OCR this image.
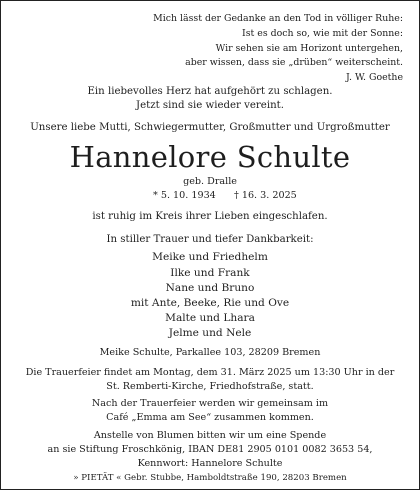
Mich lässt der Gedanke an den Tod in völliger Ruhe:
Ist es doch so, wie mit der Sonne:
Wir sehen sie am Horizont untergehen,
aber wissen, dass sie „drüben“ weiterscheint.
J. W. Goethe
Ein liebevolles Herz hat aufgehört zu schlagen.
Jetzt sind sie wieder vereint.
Unsere liebe Mutti, Schwiegermutter, Großmutter und Urgroßmutter
Hannelore Schulte
geb. Dralle
* 5. 10. 1934 † 16. 3. 2025
ist ruhig im Kreis ihrer Lieben eingeschlafen.
In stiller Trauer und tiefer Dankbarkeit:
Meike und Friedhelm
Ilke und Frank
Nane und Bruno
mit Ante, Beeke, Rie und Ove
Malte und Lhara
Jelme und Nele
Meike Schulte, Parkallee 103, 28209 Bremen
Die Trauerfeier findet am Montag, dem 31. März 2025 um 13:30 Uhr in der
St. Remberti-Kirche, Friedhofstraße, statt.
Nach der Trauerfeier werden wir gemeinsam im
Café „Emma am See“ zusammen kommen.
Anstelle von Blumen bitten wir um eine Spende
an sie Stiftung Froschkönig, IBAN DE81 2905 0101 0082 3653 54,
Kennwort: Hannelore Schulte
» PIETÄT « Gebr. Stubbe, Hamboldtstraße 190, 28203 Bremen
